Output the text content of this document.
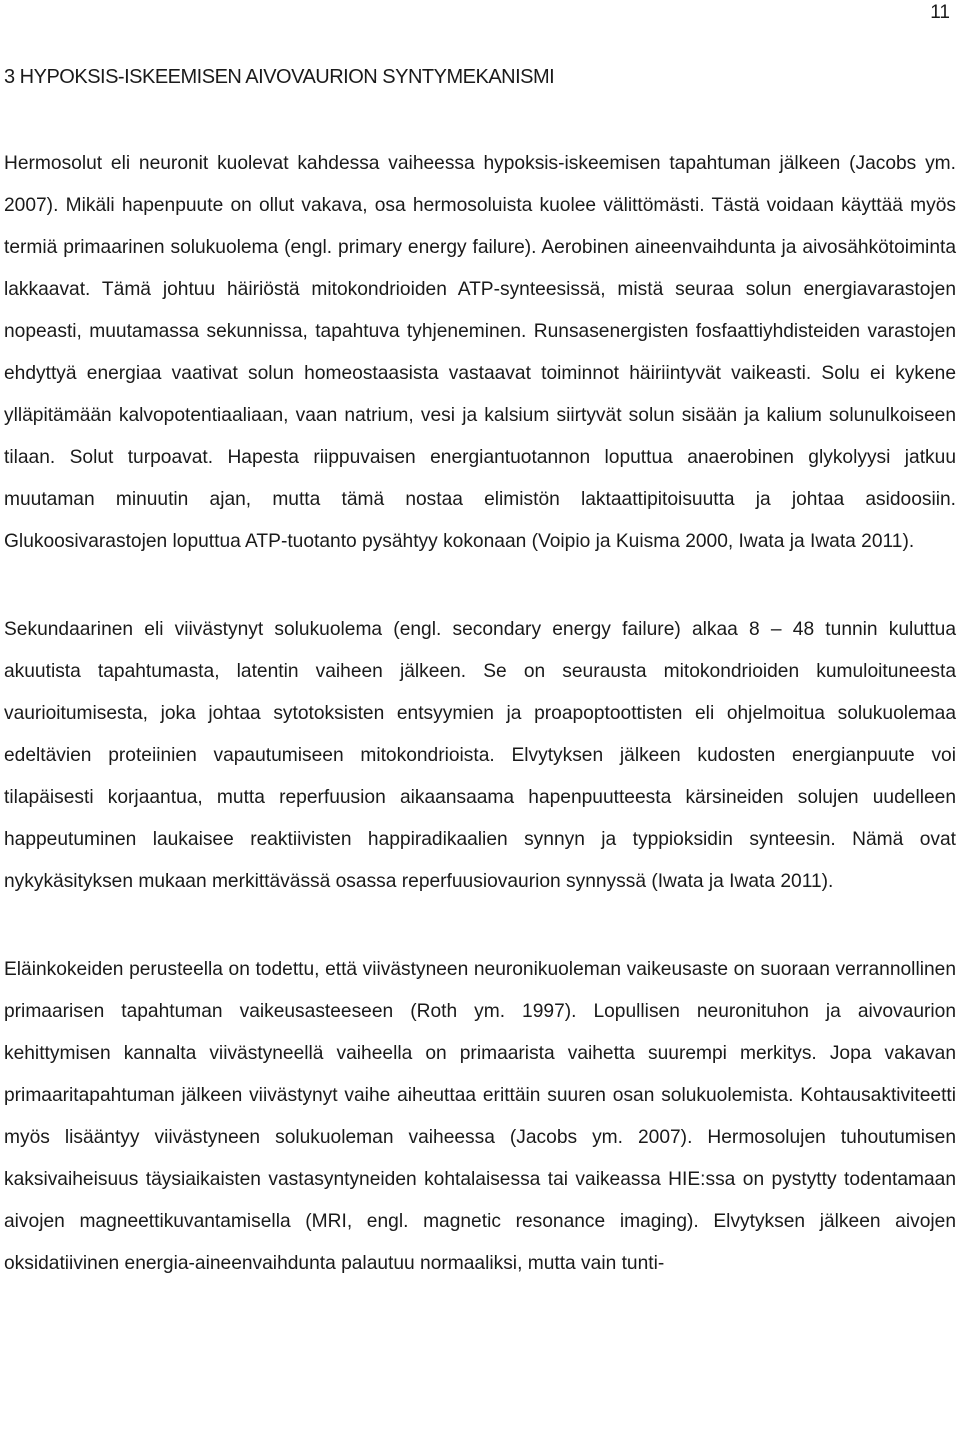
11
3 HYPOKSIS-ISKEEMISEN AIVOVAURION SYNTYMEKANISMI

Hermosolut eli neuronit kuolevat kahdessa vaiheessa hypoksis-iskeemisen tapahtuman jälkeen (Jacobs ym. 2007). Mikäli hapenpuute on ollut vakava, osa hermosoluista kuolee välittömästi. Tästä voidaan käyttää myös termiä primaarinen solukuolema (engl. primary energy failure). Aerobinen aineenvaihdunta ja aivosähkötoiminta lakkaavat. Tämä johtuu häiriöstä mitokondrioiden ATP-synteesissä, mistä seuraa solun energiavarastojen nopeasti, muutamassa sekunnissa, tapahtuva tyhjeneminen. Runsasenergisten fosfaattiyhdisteiden varastojen ehdyttyä energiaa vaativat solun homeostaasista vastaavat toiminnot häiriintyvät vaikeasti. Solu ei kykene ylläpitämään kalvopotentiaaliaan, vaan natrium, vesi ja kalsium siirtyvät solun sisään ja kalium solunulkoiseen tilaan. Solut turpoavat. Hapesta riippuvaisen energiantuotannon loputtua anaerobinen glykolyysi jatkuu muutaman minuutin ajan, mutta tämä nostaa elimistön laktaattipitoisuutta ja johtaa asidoosiin. Glukoosivarastojen loputtua ATP-tuotanto pysähtyy kokonaan (Voipio ja Kuisma 2000, Iwata ja Iwata 2011).

Sekundaarinen eli viivästynyt solukuolema (engl. secondary energy failure) alkaa 8 – 48 tunnin kuluttua akuutista tapahtumasta, latentin vaiheen jälkeen. Se on seurausta mitokondrioiden kumuloituneesta vaurioitumisesta, joka johtaa sytotoksisten entsyymien ja proapoptoottisten eli ohjelmoitua solukuolemaa edeltävien proteiinien vapautumiseen mitokondrioista. Elvytyksen jälkeen kudosten energianpuute voi tilapäisesti korjaantua, mutta reperfuusion aikaansaama hapenpuutteesta kärsineiden solujen uudelleen happeutuminen laukaisee reaktiivisten happiradikaalien synnyn ja typpioksidin synteesin. Nämä ovat nykykäsityksen mukaan merkittävässä osassa reperfuusiovaurion synnyssä (Iwata ja Iwata 2011).

Eläinkokeiden perusteella on todettu, että viivästyneen neuronikuoleman vaikeusaste on suoraan verrannollinen primaarisen tapahtuman vaikeusasteeseen (Roth ym. 1997). Lopullisen neuronituhon ja aivovaurion kehittymisen kannalta viivästyneellä vaiheella on primaarista vaihetta suurempi merkitys. Jopa vakavan primaaritapahtuman jälkeen viivästynyt vaihe aiheuttaa erittäin suuren osan solukuolemista. Kohtausaktiviteetti myös lisääntyy viivästyneen solukuoleman vaiheessa (Jacobs ym. 2007). Hermosolujen tuhoutumisen kaksivaiheisuus täysiaikaisten vastasyntyneiden kohtalaisessa tai vaikeassa HIE:ssa on pystytty todentamaan aivojen magneettikuvantamisella (MRI, engl. magnetic resonance imaging). Elvytyksen jälkeen aivojen oksidatiivinen energia-aineenvaihdunta palautuu normaaliksi, mutta vain tunti-
